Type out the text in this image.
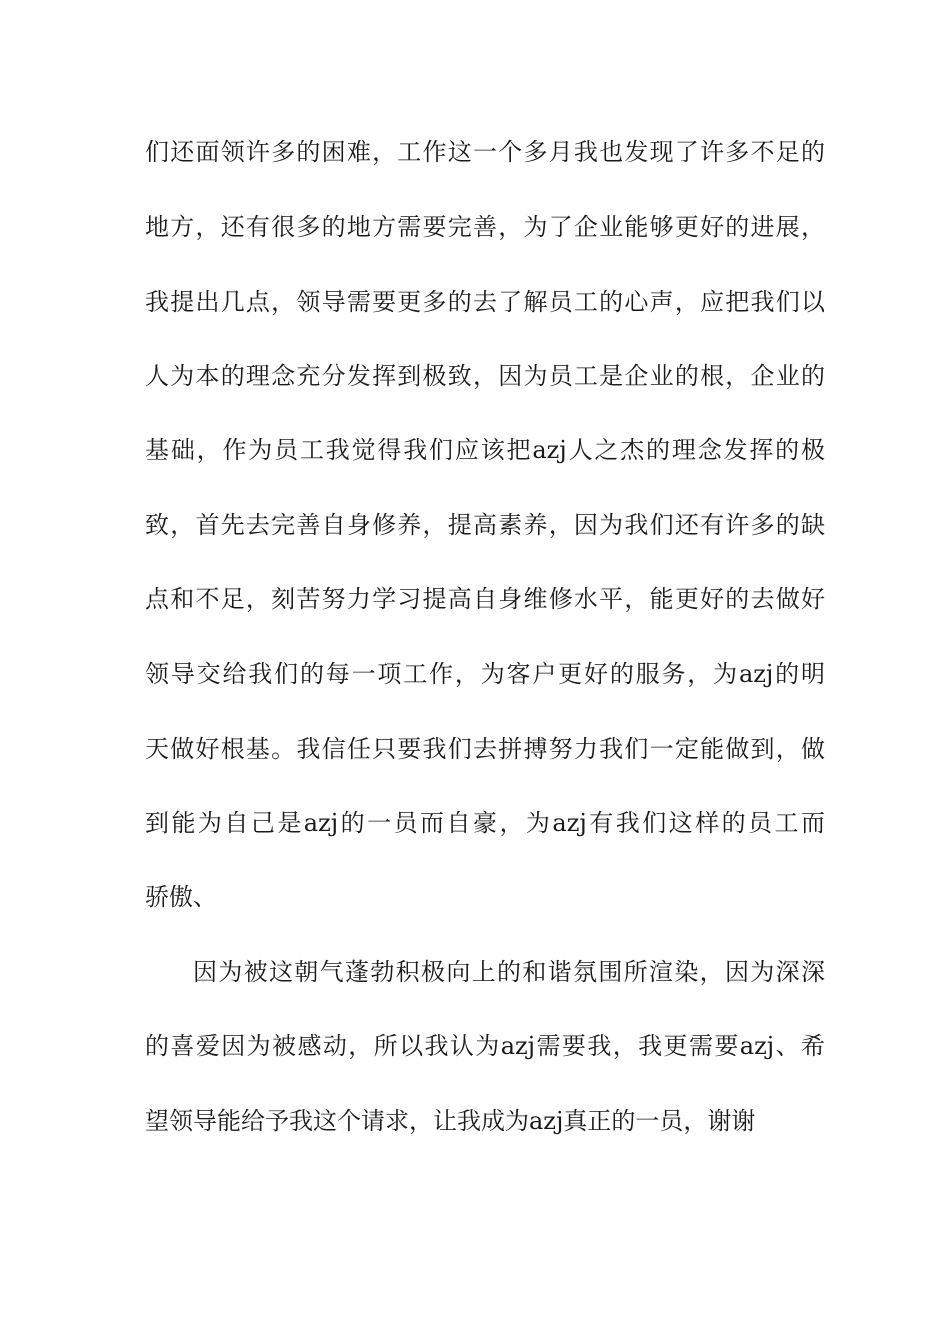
们还面领许多的困难，工作这一个多月我也发现了许多不足的
地方，还有很多的地方需要完善，为了企业能够更好的进展，
我提出几点，领导需要更多的去了解员工的心声，应把我们以
人为本的理念充分发挥到极致，因为员工是企业的根，企业的
基础，作为员工我觉得我们应该把azj人之杰的理念发挥的极
致，首先去完善自身修养，提高素养，因为我们还有许多的缺
点和不足，刻苦努力学习提高自身维修水平，能更好的去做好
领导交给我们的每一项工作，为客户更好的服务，为azj的明
天做好根基。我信任只要我们去拼搏努力我们一定能做到，做
到能为自己是azj的一员而自豪，为azj有我们这样的员工而
骄傲、
因为被这朝气蓬勃积极向上的和谐氛围所渲染，因为深深
的喜爱因为被感动，所以我认为azj需要我，我更需要azj、希
望领导能给予我这个请求，让我成为azj真正的一员，谢谢
